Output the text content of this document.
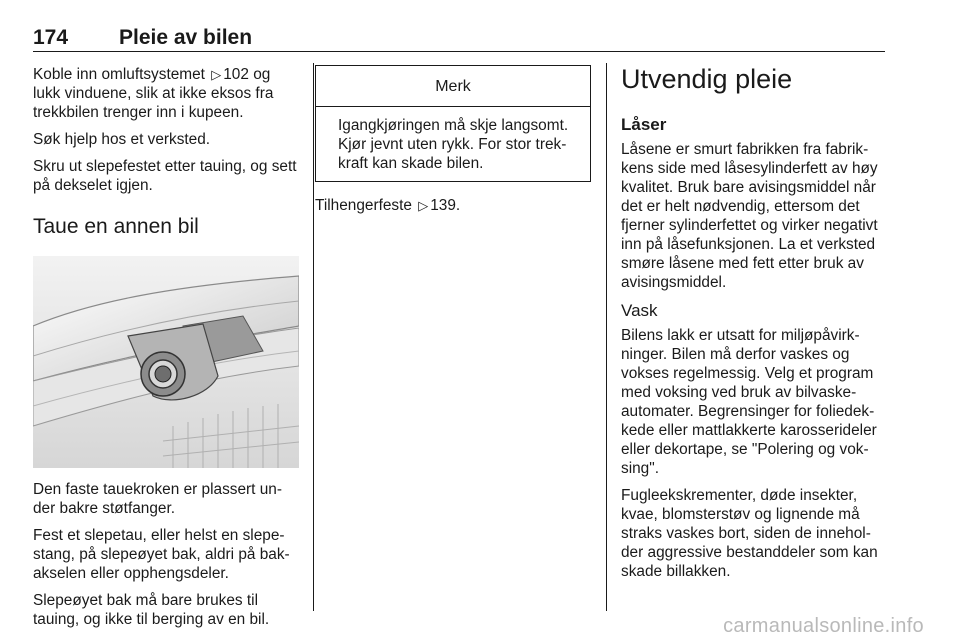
174 Pleie av bilen

Koble inn omluftsystemet ▷ 102 og lukk vinduene, slik at ikke eksos fra trekkbilen trenger inn i kupeen.

Søk hjelp hos et verksted.

Skru ut slepefestet etter tauing, og sett på dekselet igjen.

Taue en annen bil

Den faste tauekroken er plassert under bakre støtfanger.

Fest et slepetau, eller helst en slepestang, på slepeøyet bak, aldri på bakakselen eller opphengsdeler.

Slepeøyet bak må bare brukes til tauing, og ikke til berging av en bil.

Merk

Igangkjøringen må skje langsomt. Kjør jevnt uten rykk. For stor trekkraft kan skade bilen.

Tilhengerfeste ▷ 139.

Utvendig pleie
Låser

Låsene er smurt fabrikken fra fabrikkens side med låsesylinderfett av høy kvalitet. Bruk bare avisingsmiddel når det er helt nødvendig, ettersom det fjerner sylinderfettet og virker negativt inn på låsefunksjonen. La et verksted smøre låsene med fett etter bruk av avisingsmiddel.

Vask

Bilens lakk er utsatt for miljøpåvirkninger. Bilen må derfor vaskes og vokses regelmessig. Velg et program med voksing ved bruk av bilvaskeautomater. Begrensinger for foliedekkede eller mattlakkerte karosserideler eller dekortape, se "Polering og voksing".

Fugleekskrementer, døde insekter, kvae, blomsterstøv og lignende må straks vaskes bort, siden de inneholder aggressive bestanddeler som kan skade billakken.

carmanualsonline.info
